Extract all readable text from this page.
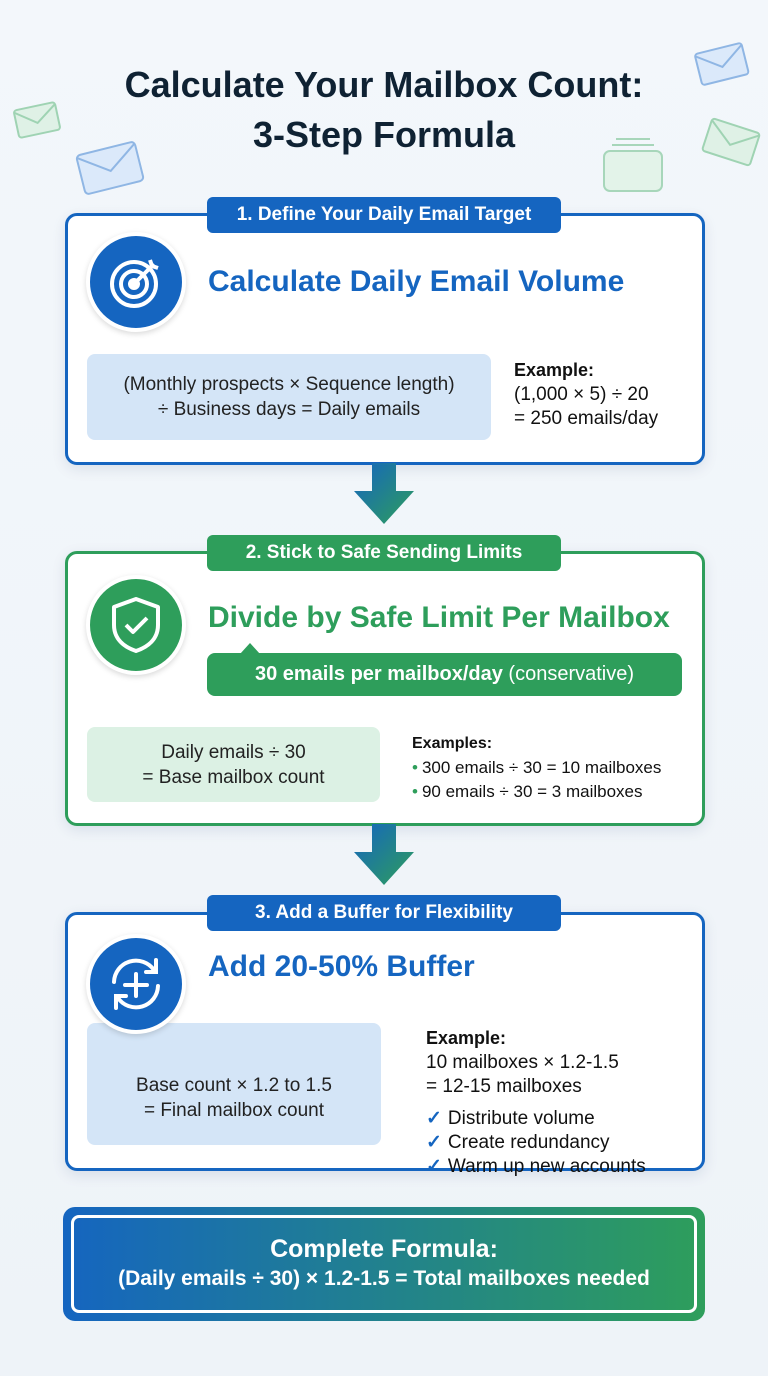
Calculate Your Mailbox Count:
3-Step Formula
1. Define Your Daily Email Target
Calculate Daily Email Volume
(Monthly prospects × Sequence length)
÷ Business days = Daily emails
Example:
(1,000 × 5) ÷ 20
= 250 emails/day
2. Stick to Safe Sending Limits
Divide by Safe Limit Per Mailbox
30 emails per mailbox/day (conservative)
Daily emails ÷ 30
= Base mailbox count
Examples:
• 300 emails ÷ 30 = 10 mailboxes
• 90 emails ÷ 30 = 3 mailboxes
3. Add a Buffer for Flexibility
Base count × 1.2 to 1.5
= Final mailbox count
Add 20-50% Buffer
Example:
10 mailboxes × 1.2-1.5
= 12-15 mailboxes
✓ Distribute volume
✓ Create redundancy
✓ Warm up new accounts
Complete Formula:
(Daily emails ÷ 30) × 1.2-1.5 = Total mailboxes needed
